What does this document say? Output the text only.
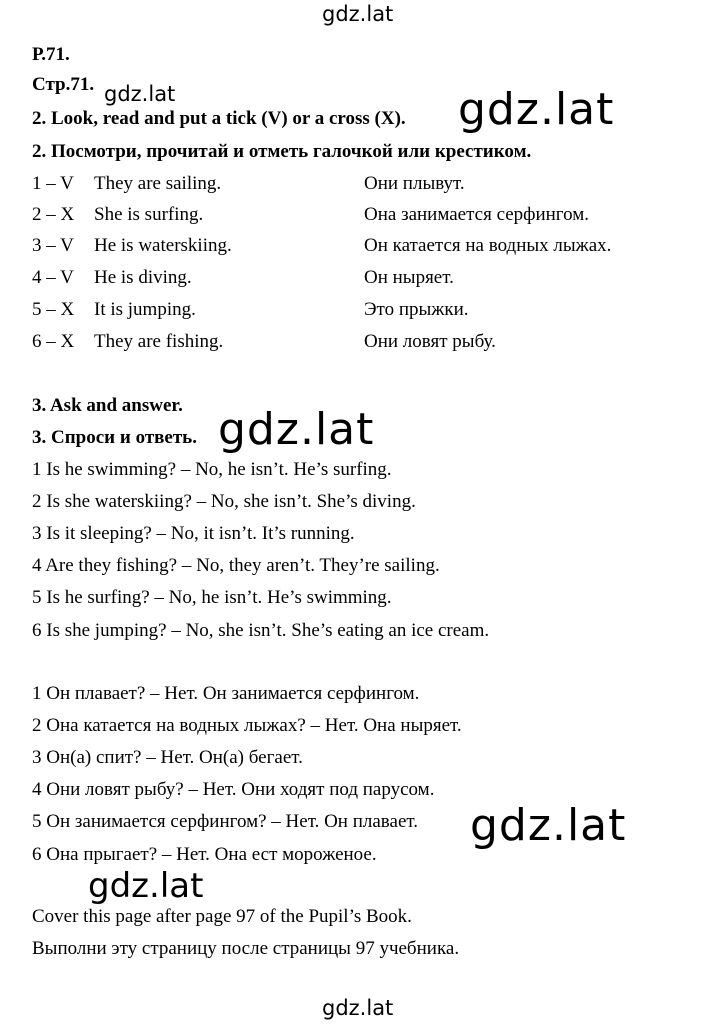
gdz.lat
gdz.lat	gdz.lat
gdz.lat
gdz.lat
gdz.lat
gdz.lat
Р.71.
Стр.71.
2. Look, read and put a tick (V) or a cross (X).
2. Посмотри, прочитай и отметь галочкой или крестиком.
1 – V They are sailing.	Они плывут.
2 – X She is surfing.	Она занимается серфингом.
3 – V He is waterskiing.	Он катается на водных лыжах.
4 – V He is diving.	Он ныряет.
5 – X It is jumping.	Это прыжки.
6 – X They are fishing.	Они ловят рыбу.
3. Ask and answer.
3. Спроси и ответь.
1 Is he swimming? – No, he isn’t. He’s surfing.
2 Is she waterskiing? – No, she isn’t. She’s diving.
3 Is it sleeping? – No, it isn’t. It’s running.
4 Are they fishing? – No, they aren’t. They’re sailing.
5 Is he surfing? – No, he isn’t. He’s swimming.
6 Is she jumping? – No, she isn’t. She’s eating an ice cream.
1 Он плавает? – Нет. Он занимается серфингом.
2 Она катается на водных лыжах? – Нет. Она ныряет.
3 Он(а) спит? – Нет. Он(а) бегает.
4 Они ловят рыбу? – Нет. Они ходят под парусом.
5 Он занимается серфингом? – Нет. Он плавает.
6 Она прыгает? – Нет. Она ест мороженое.
Cover this page after page 97 of the Pupil’s Book.
Выполни эту страницу после страницы 97 учебника.
